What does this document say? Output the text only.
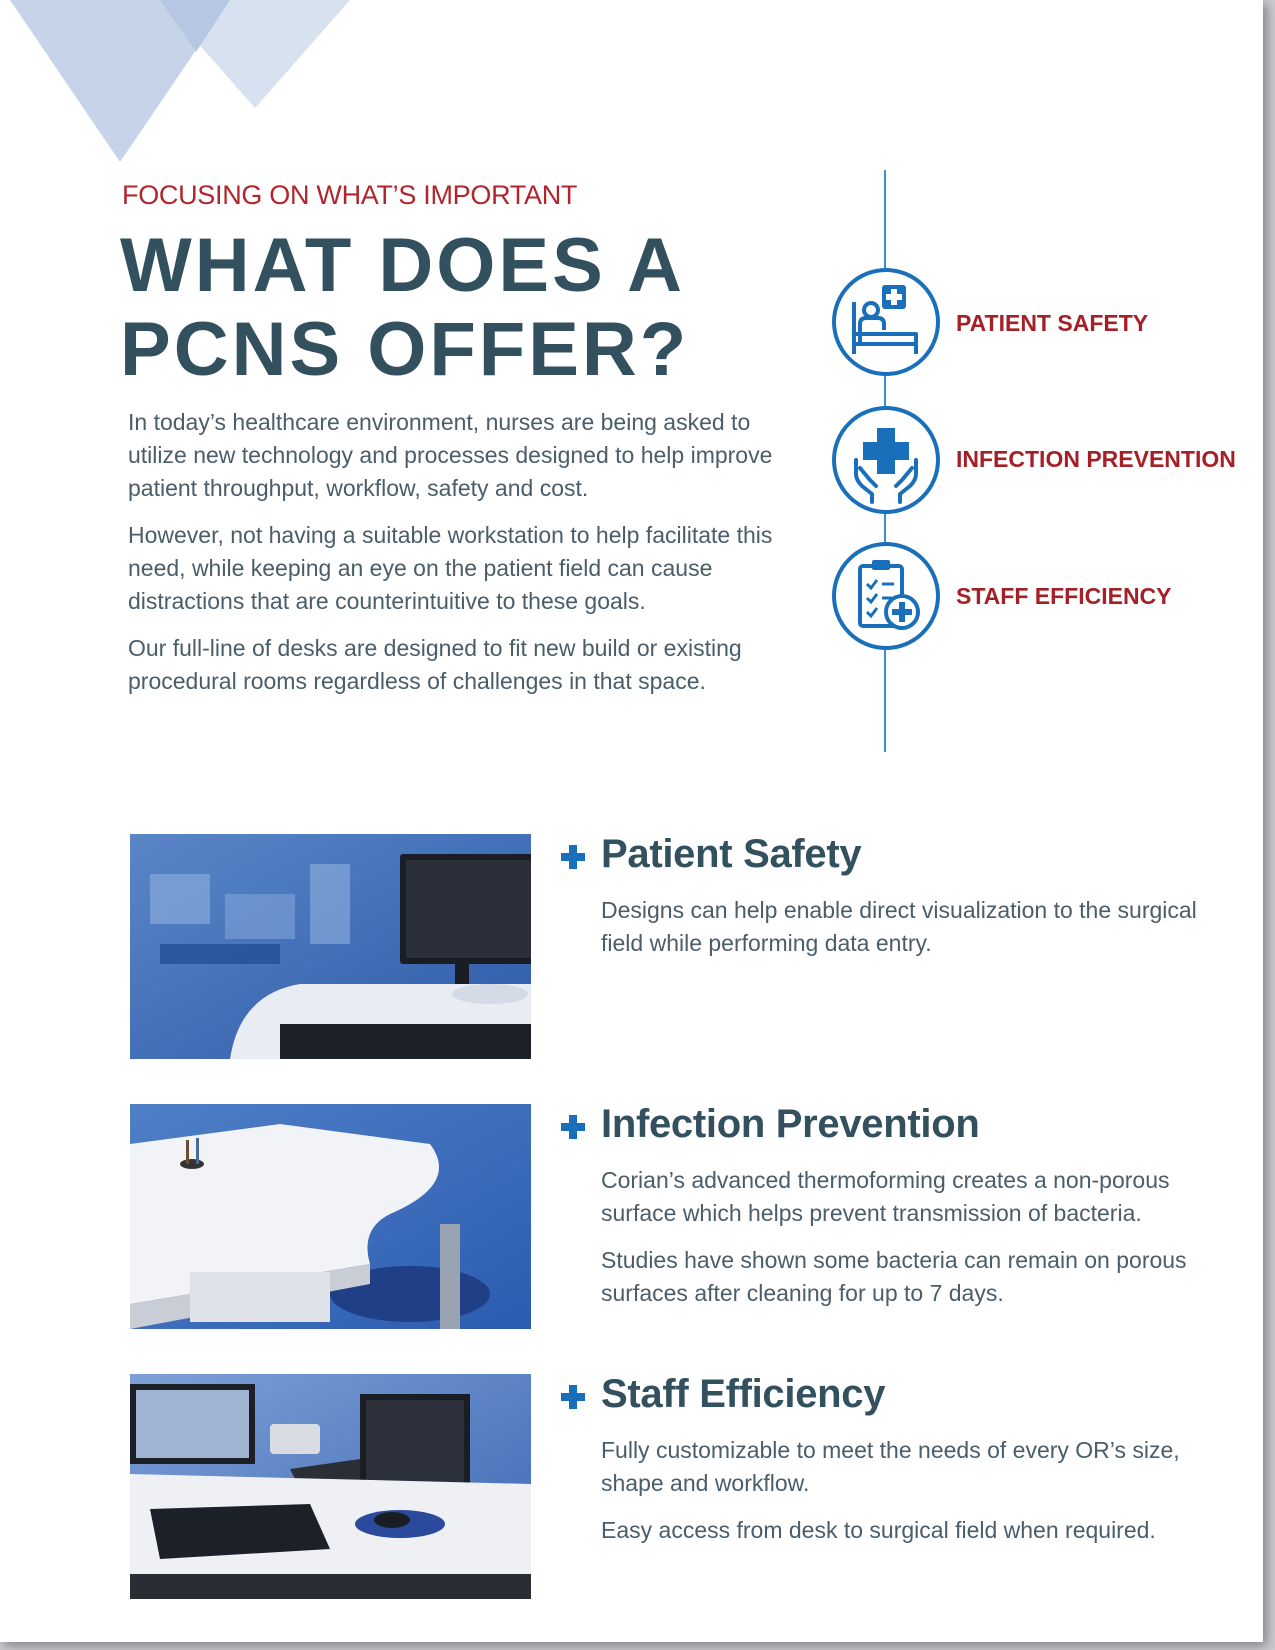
FOCUSING ON WHAT’S IMPORTANT
WHAT DOES A
PCNS OFFER?

In today’s healthcare environment, nurses are being asked to utilize new technology and processes designed to help improve patient throughput, workflow, safety and cost.

However, not having a suitable workstation to help facilitate this need, while keeping an eye on the patient field can cause distractions that are counterintuitive to these goals.

Our full-line of desks are designed to fit new build or existing procedural rooms regardless of challenges in that space.

PATIENT SAFETY
INFECTION PREVENTION
STAFF EFFICIENCY
Patient Safety

Designs can help enable direct visualization to the surgical field while performing data entry.

Infection Prevention

Corian’s advanced thermoforming creates a non-porous surface which helps prevent transmission of bacteria.

Studies have shown some bacteria can remain on porous surfaces after cleaning for up to 7 days.

Staff Efficiency

Fully customizable to meet the needs of every OR’s size, shape and workflow.

Easy access from desk to surgical field when required.
